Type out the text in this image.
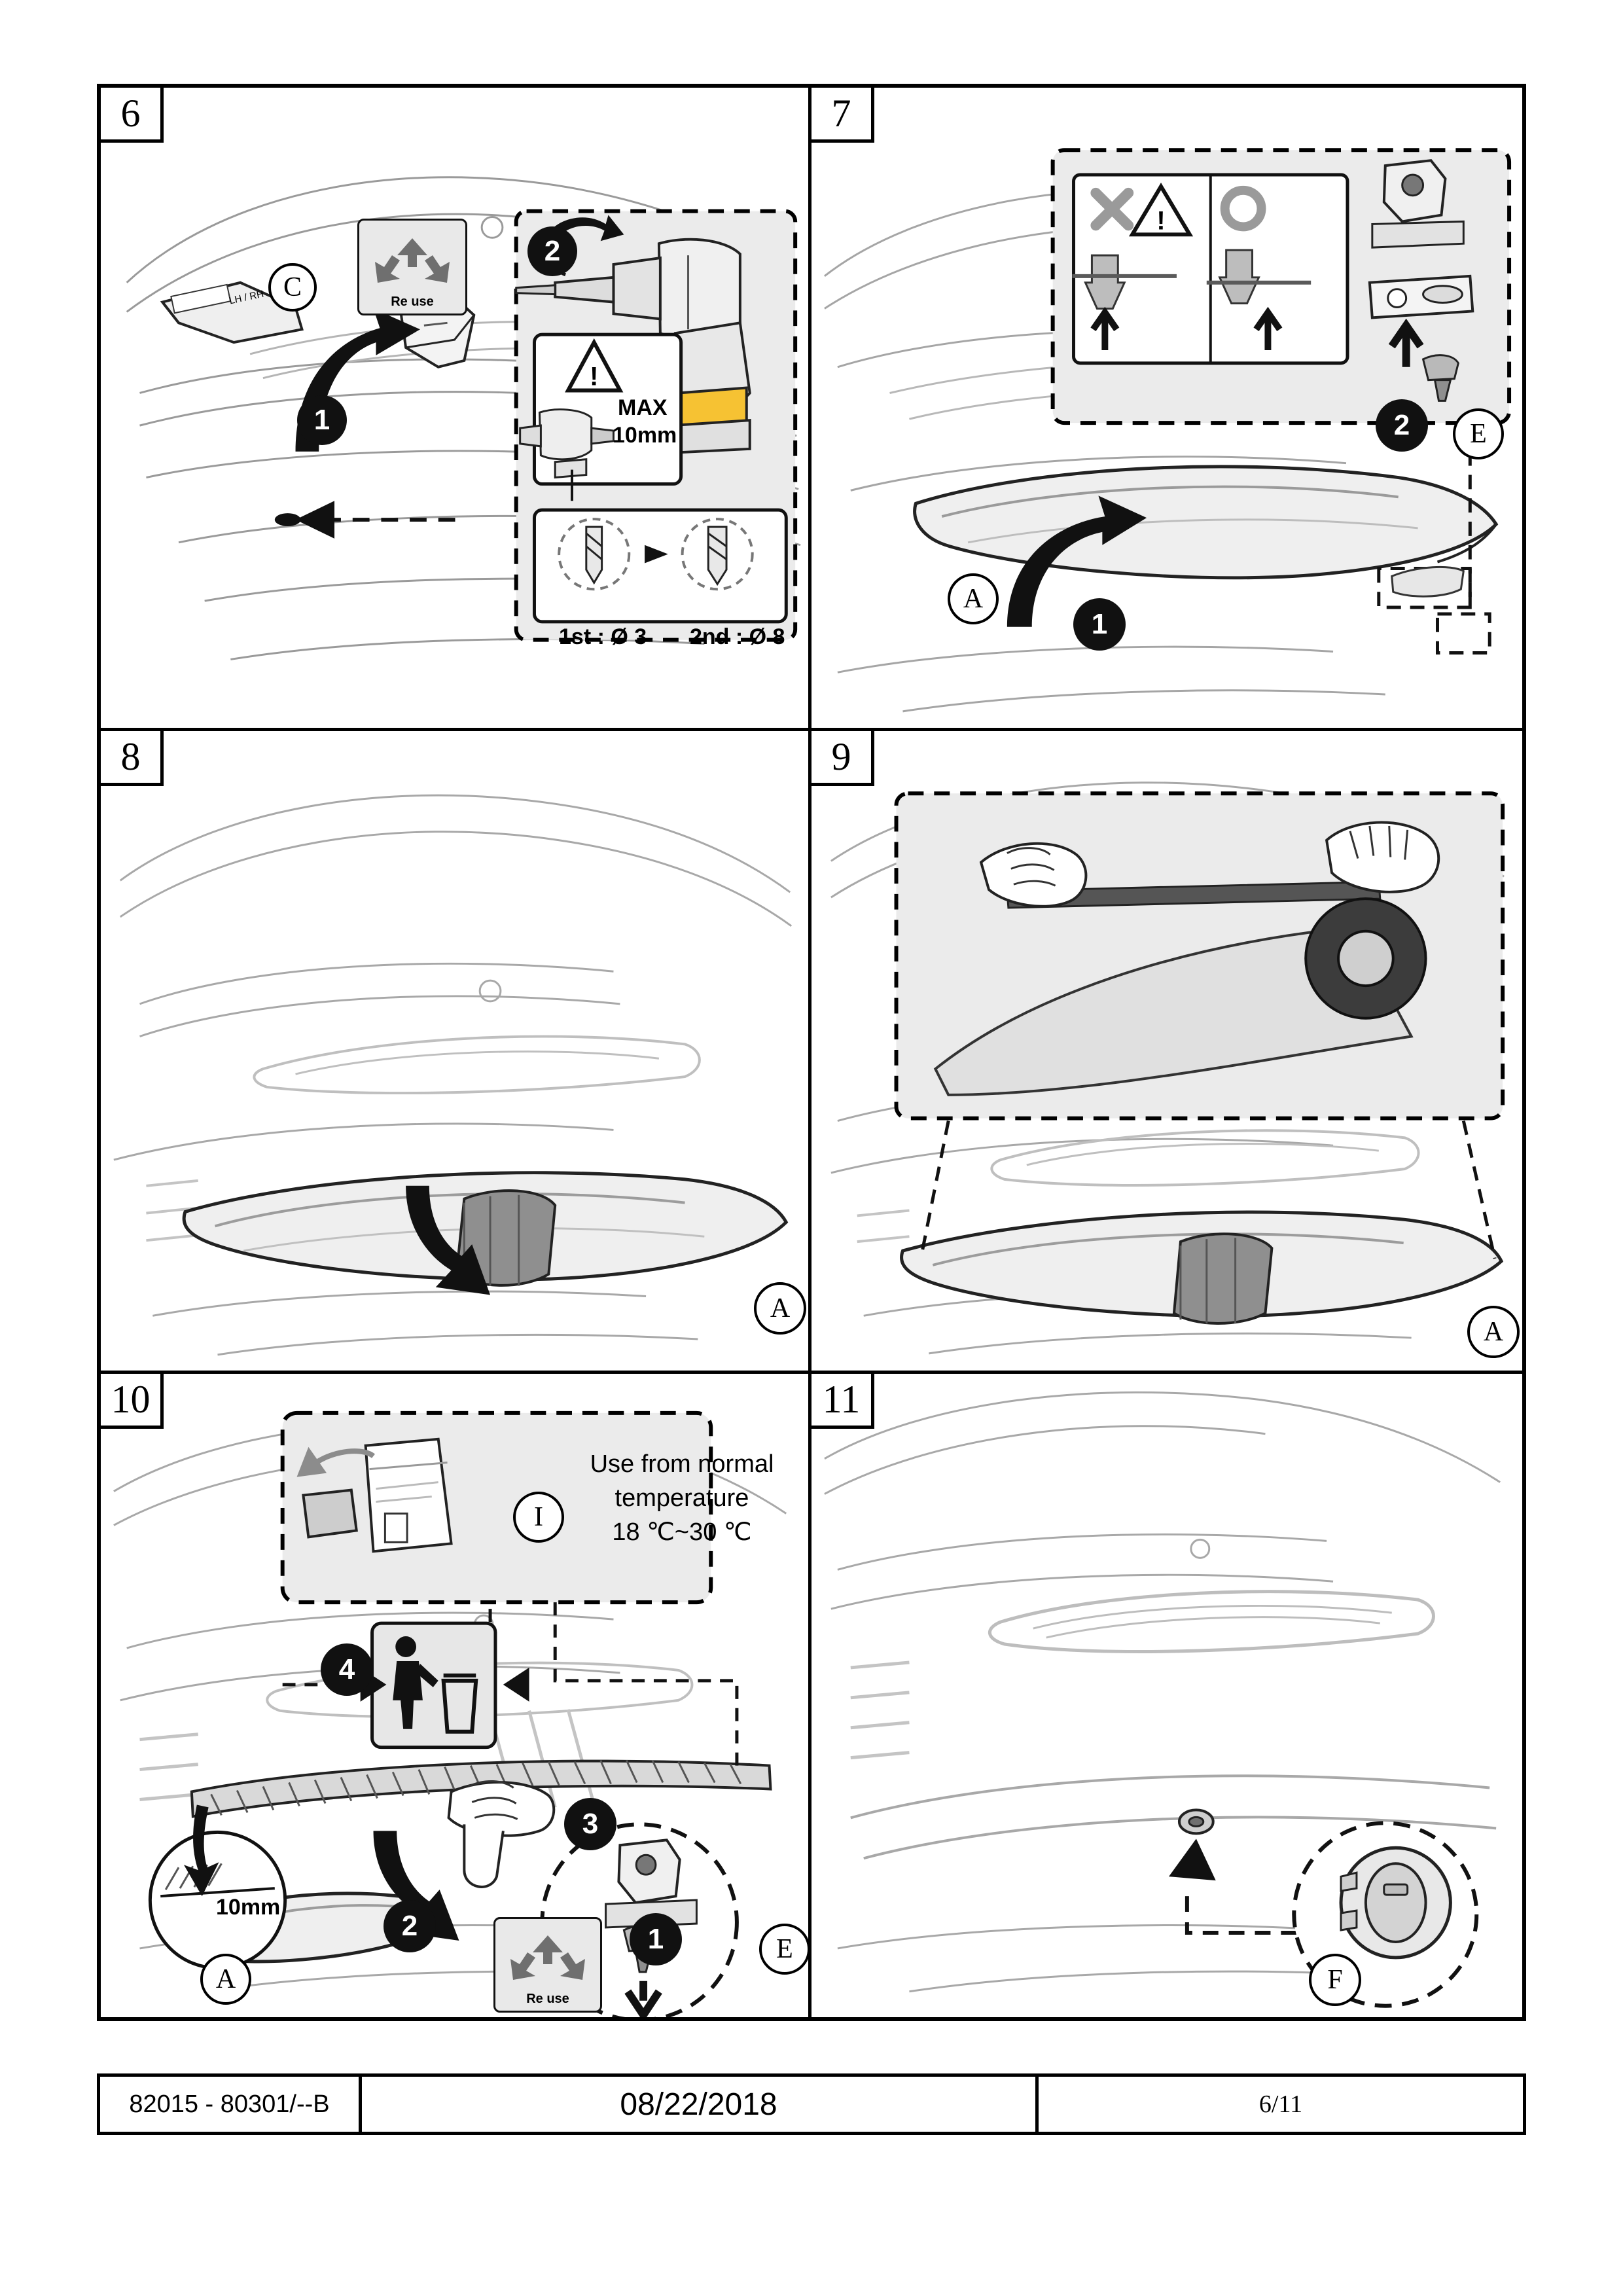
6
!
C
1
2
Re use
MAX
10mm
1st : Ø 3 2nd : Ø 8
LH / RH
7
!
A
E
1
2
8
A
9
A
10
Use from normal
temperature
18 ℃~30 ℃
I
4
3
2	1	E
A
10mm
Re use
11
F
82015 - 80301/--B	08/22/2018	6/11
